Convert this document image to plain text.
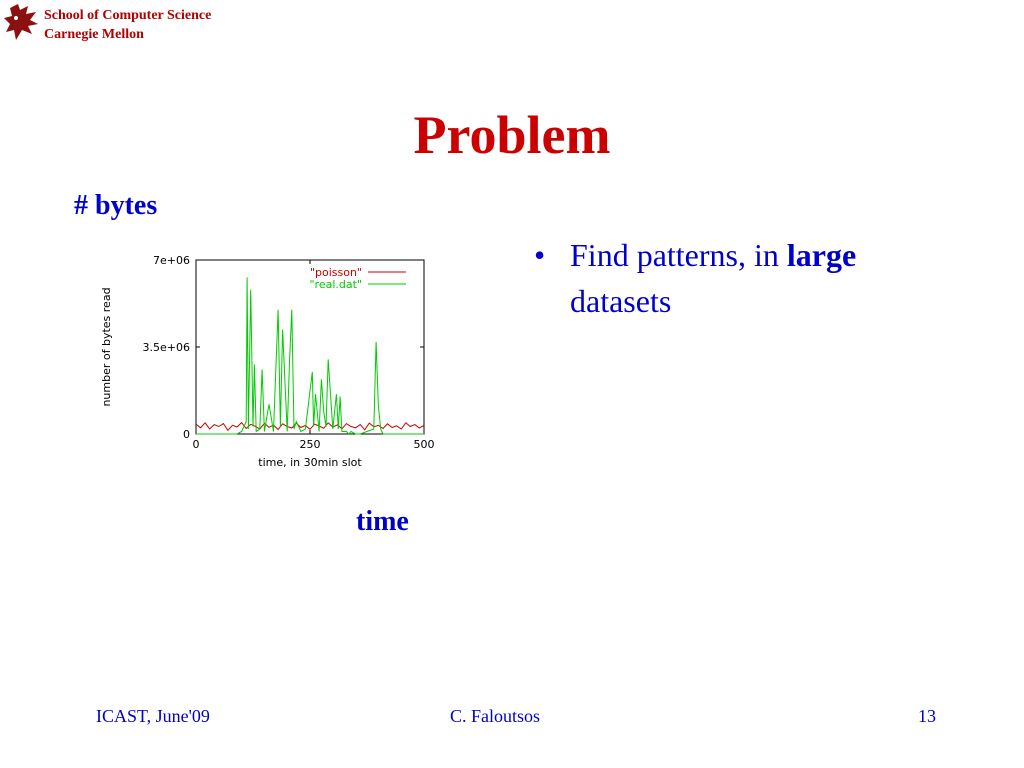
School of Computer Science
Carnegie Mellon
Problem
# bytes
time
0
3.5e+06
7e+06
0	250	500
"poisson"
"real.dat"
time, in 30min slot
number of bytes read
• Find patterns, in large
datasets
ICAST, June'09	C. Faloutsos	13
